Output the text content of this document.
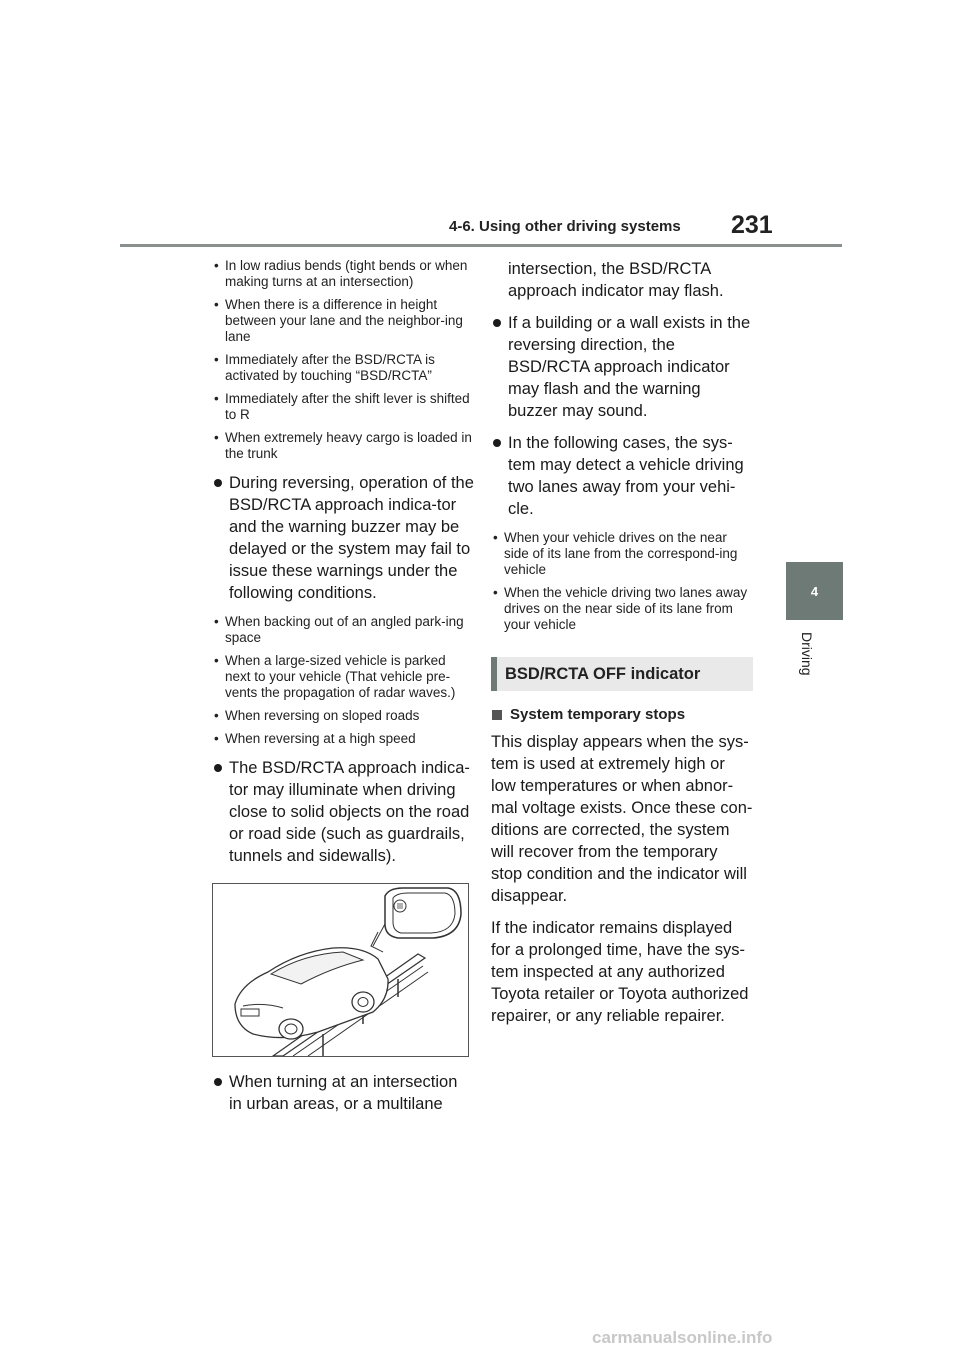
4-6. Using other driving systems 231
4
Driving
• In low radius bends (tight bends or when making turns at an intersection)
• When there is a difference in height between your lane and the neighbor-ing lane
• Immediately after the BSD/RCTA is activated by touching “BSD/RCTA”
• Immediately after the shift lever is shifted to R
• When extremely heavy cargo is loaded in the trunk
During reversing, operation of the BSD/RCTA approach indica-tor and the warning buzzer may be delayed or the system may fail to issue these warnings under the following conditions.
• When backing out of an angled park-ing space
• When a large-sized vehicle is parked next to your vehicle (That vehicle pre-vents the propagation of radar waves.)
• When reversing on sloped roads
• When reversing at a high speed
The BSD/RCTA approach indica-tor may illuminate when driving close to solid objects on the road or road side (such as guardrails, tunnels and sidewalls).
When turning at an intersection in urban areas, or a multilane
intersection, the BSD/RCTA approach indicator may flash.
If a building or a wall exists in the reversing direction, the BSD/RCTA approach indicator may flash and the warning buzzer may sound.
In the following cases, the sys-tem may detect a vehicle driving two lanes away from your vehi-cle.
• When your vehicle drives on the near side of its lane from the correspond-ing vehicle
• When the vehicle driving two lanes away drives on the near side of its lane from your vehicle
BSD/RCTA OFF indicator
System temporary stops

This display appears when the sys-tem is used at extremely high or low temperatures or when abnor-mal voltage exists. Once these con-ditions are corrected, the system will recover from the temporary stop condition and the indicator will disappear.

If the indicator remains displayed for a prolonged time, have the sys-tem inspected at any authorized Toyota retailer or Toyota authorized repairer, or any reliable repairer.

carmanualsonline.info
